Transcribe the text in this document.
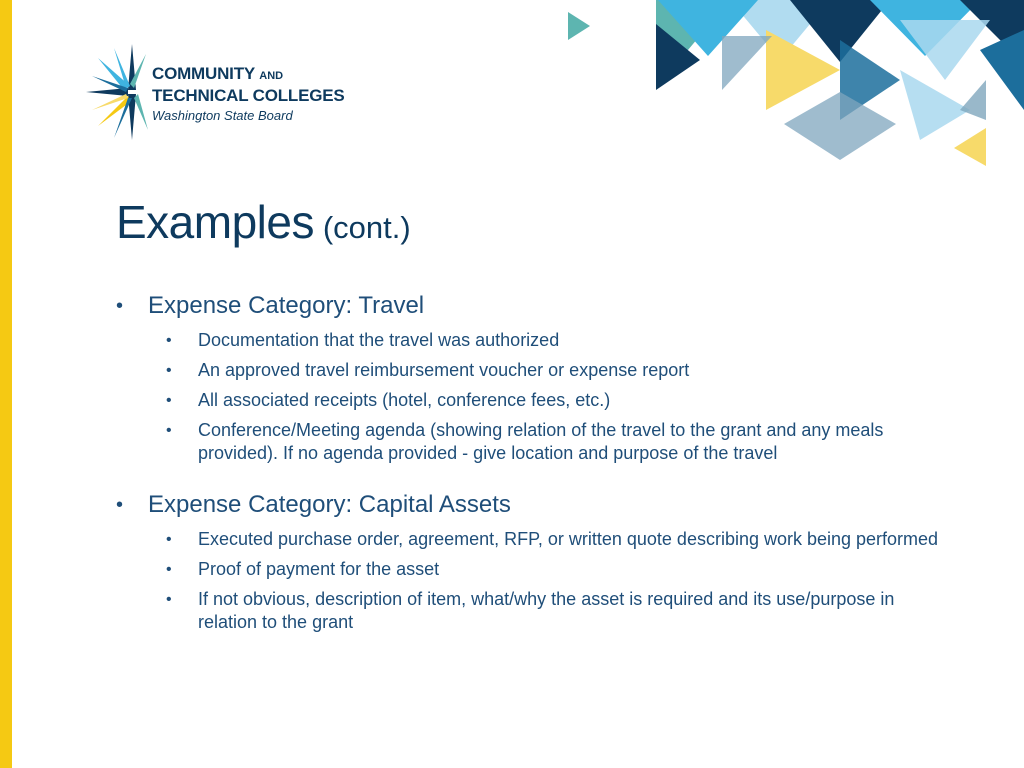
COMMUNITY AND
TECHNICAL COLLEGES
Washington State Board
Examples (cont.)
• Expense Category: Travel
• Documentation that the travel was authorized
• An approved travel reimbursement voucher or expense report
• All associated receipts (hotel, conference fees, etc.)
• Conference/Meeting agenda (showing relation of the travel to the grant and any meals provided). If no agenda provided - give location and purpose of the travel
• Expense Category: Capital Assets
• Executed purchase order, agreement, RFP, or written quote describing work being performed
• Proof of payment for the asset
• If not obvious, description of item, what/why the asset is required and its use/purpose in relation to the grant
